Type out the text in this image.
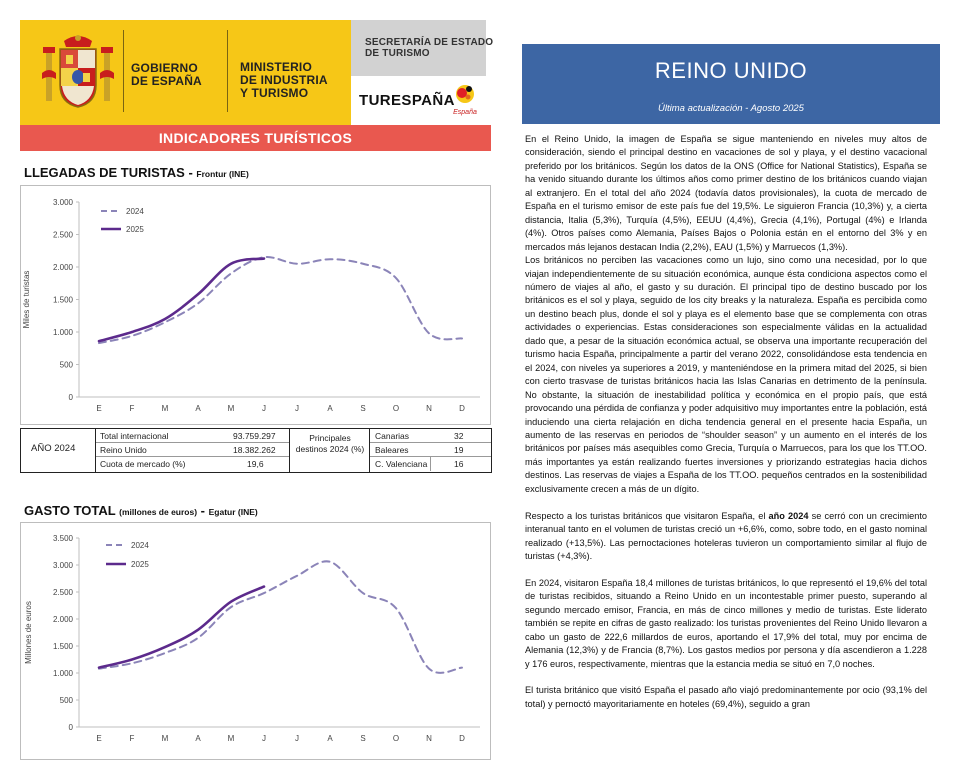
GOBIERNO
DE ESPAÑA
MINISTERIO
DE INDUSTRIA
Y TURISMO
SECRETARÍA DE ESTADO
DE TURISMO
TURESPAÑA
España
INDICADORES TURÍSTICOS
REINO UNIDO
Última actualización - Agosto 2025
LLEGADAS DE TURISTAS - Frontur (INE)
0
500
1.000
1.500
2.000
2.500
3.000
E	F	M	A	M	J	J	A	S	O	N	D
Miles de turistas
2024
2025
AÑO 2024
Total internacional	93.759.297
Reino Unido	18.382.262
Cuota de mercado (%)	19,6
Principales destinos 2024 (%)
Canarias	32
Baleares	19
C. Valenciana	16
GASTO TOTAL (millones de euros) - Egatur (INE)
0
500
1.000
1.500
2.000
2.500
3.000
3.500
E	F	M	A	M	J	J	A	S	O	N	D
Millones de euros
2024
2025

En el Reino Unido, la imagen de España se sigue manteniendo en niveles muy altos de consideración, siendo el principal destino en vacaciones de sol y playa, y el destino vacacional preferido por los británicos. Según los datos de la ONS (Office for National Statistics), España se ha venido situando durante los últimos años como primer destino de los británicos cuando viajan al extranjero. En el total del año 2024 (todavía datos provisionales), la cuota de mercado de España en el turismo emisor de este país fue del 19,5%. Le siguieron Francia (10,3%) y, a cierta distancia, Italia (5,3%), Turquía (4,5%), EEUU (4,4%), Grecia (4,1%), Portugal (4%) e Irlanda (4%). Otros países como Alemania, Países Bajos o Polonia están en el entorno del 3% y en mercados más lejanos destacan India (2,2%), EAU (1,5%) y Marruecos (1,3%).

Los británicos no perciben las vacaciones como un lujo, sino como una necesidad, por lo que viajan independientemente de su situación económica, aunque ésta condiciona aspectos como el número de viajes al año, el gasto y su duración. El principal tipo de destino buscado por los británicos es el sol y playa, seguido de los city breaks y la naturaleza. España es percibida como un destino beach plus, donde el sol y playa es el elemento base que se complementa con otras actividades o experiencias. Estas consideraciones son especialmente válidas en la actualidad dado que, a pesar de la situación económica actual, se observa una importante recuperación del turismo hacia España, principalmente a partir del verano 2022, consolidándose esta tendencia en el 2024, con niveles ya superiores a 2019, y manteniéndose en la primera mitad del 2025, si bien con cierto trasvase de turistas británicos hacia las Islas Canarias en detrimento de la península. No obstante, la situación de inestabilidad política y económica en el propio país, que está provocando una pérdida de confianza y poder adquisitivo muy importantes entre la población, está induciendo una cierta relajación en dicha tendencia general en el presente hacia España, un aumento de las reservas en periodos de “shoulder season” y un aumento en el interés de los británicos por países más asequibles como Grecia, Turquía o Marruecos, para los que los TT.OO. más importantes ya están realizando fuertes inversiones y priorizando estrategias hacia dichos destinos. Las reservas de viajes a España de los TT.OO. pequeños centrados en la sostenibilidad exclusivamente crecen a más de un dígito.

Respecto a los turistas británicos que visitaron España, el año 2024 se cerró con un crecimiento interanual tanto en el volumen de turistas creció un +6,6%, como, sobre todo, en el gasto nominal realizado (+13,5%). Las pernoctaciones hoteleras tuvieron un comportamiento similar al flujo de turistas (+4,3%).

En 2024, visitaron España 18,4 millones de turistas británicos, lo que representó el 19,6% del total de turistas recibidos, situando a Reino Unido en un incontestable primer puesto, superando al segundo mercado emisor, Francia, en más de cinco millones y medio de turistas. Este liderato también se repite en cifras de gasto realizado: los turistas provenientes del Reino Unido llevaron a cabo un gasto de 222,6 millardos de euros, aportando el 17,9% del total, muy por encima de Alemania (12,3%) y de Francia (8,7%). Los gastos medios por persona y día ascendieron a 1.228 y 176 euros, respectivamente, mientras que la estancia media se situó en 7,0 noches.

El turista británico que visitó España el pasado año viajó predominantemente por ocio (93,1% del total) y pernoctó mayoritariamente en hoteles (69,4%), seguido a gran
